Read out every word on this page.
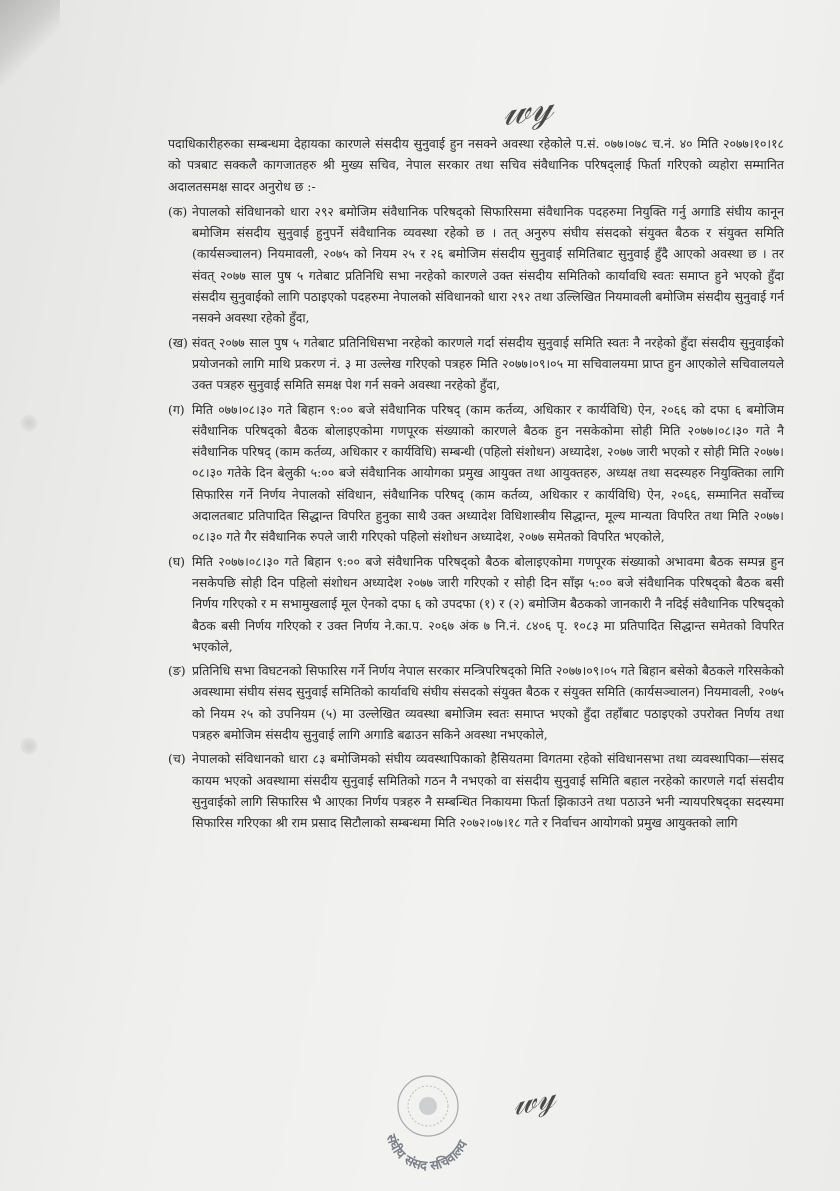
𝓌𝓎

पदाधिकारीहरुका सम्बन्धमा देहायका कारणले संसदीय सुनुवाई हुन नसक्ने अवस्था रहेकोले प.सं. ०७७।०७८ च.नं. ४० मिति २०७७।१०।१८ को पत्रबाट सक्कलै कागजातहरु श्री मुख्य सचिव, नेपाल सरकार तथा सचिव संवैधानिक परिषद्‌लाई फिर्ता गरिएको व्यहोरा सम्मानित अदालतसमक्ष सादर अनुरोध छ :-

(क) नेपालको संविधानको धारा २९२ बमोजिम संवैधानिक परिषद्को सिफारिसमा संवैधानिक पदहरुमा नियुक्ति गर्नु अगाडि संघीय कानून बमोजिम संसदीय सुनुवाई हुनुपर्ने संवैधानिक व्यवस्था रहेको छ । तत् अनुरुप संघीय संसदको संयुक्त बैठक र संयुक्त समिति (कार्यसञ्चालन) नियमावली, २०७५ को नियम २५ र २६ बमोजिम संसदीय सुनुवाई समितिबाट सुनुवाई हुँदै आएको अवस्था छ । तर संवत् २०७७ साल पुष ५ गतेबाट प्रतिनिधि सभा नरहेको कारणले उक्त संसदीय समितिको कार्यावधि स्वतः समाप्त हुने भएको हुँदा संसदीय सुनुवाईको लागि पठाइएको पदहरुमा नेपालको संविधानको धारा २९२ तथा उल्लिखित नियमावली बमोजिम संसदीय सुनुवाई गर्न नसक्ने अवस्था रहेको हुँदा,
(ख) संवत् २०७७ साल पुष ५ गतेबाट प्रतिनिधिसभा नरहेको कारणले गर्दा संसदीय सुनुवाई समिति स्वतः नै नरहेको हुँदा संसदीय सुनुवाईको प्रयोजनको लागि माथि प्रकरण नं. ३ मा उल्लेख गरिएको पत्रहरु मिति २०७७।०९।०५ मा सचिवालयमा प्राप्त हुन आएकोले सचिवालयले उक्त पत्रहरु सुनुवाई समिति समक्ष पेश गर्न सक्ने अवस्था नरहेको हुँदा,
(ग) मिति ०७७।०८।३० गते बिहान ९:०० बजे संवैधानिक परिषद् (काम कर्तव्य, अधिकार र कार्यविधि) ऐन, २०६६ को दफा ६ बमोजिम संवैधानिक परिषद्को बैठक बोलाइएकोमा गणपूरक संख्याको कारणले बैठक हुन नसकेकोमा सोही मिति २०७७।०८।३० गते नै संवैधानिक परिषद् (काम कर्तव्य, अधिकार र कार्यविधि) सम्बन्धी (पहिलो संशोधन) अध्यादेश, २०७७ जारी भएको र सोही मिति २०७७।०८।३० गतेके दिन बेलुकी ५:०० बजे संवैधानिक आयोगका प्रमुख आयुक्त तथा आयुक्तहरु, अध्यक्ष तथा सदस्यहरु नियुक्तिका लागि सिफारिस गर्ने निर्णय नेपालको संविधान, संवैधानिक परिषद् (काम कर्तव्य, अधिकार र कार्यविधि) ऐन, २०६६, सम्मानित सर्वोच्च अदालतबाट प्रतिपादित सिद्धान्त विपरित हुनुका साथै उक्त अध्यादेश विधिशास्त्रीय सिद्धान्त, मूल्य मान्यता विपरित तथा मिति २०७७।०८।३० गते गैर संवैधानिक रुपले जारी गरिएको पहिलो संशोधन अध्यादेश, २०७७ समेतको विपरित भएकोले,
(घ) मिति २०७७।०८।३० गते बिहान ९:०० बजे संवैधानिक परिषद्को बैठक बोलाइएकोमा गणपूरक संख्याको अभावमा बैठक सम्पन्न हुन नसकेपछि सोही दिन पहिलो संशोधन अध्यादेश २०७७ जारी गरिएको र सोही दिन साँझ ५:०० बजे संवैधानिक परिषद्को बैठक बसी निर्णय गरिएको र म सभामुखलाई मूल ऐनको दफा ६ को उपदफा (१) र (२) बमोजिम बैठकको जानकारी नै नदिई संवैधानिक परिषद्को बैठक बसी निर्णय गरिएको र उक्त निर्णय ने.का.प. २०६७ अंक ७ नि.नं. ८४०६ पृ. १०८३ मा प्रतिपादित सिद्धान्त समेतको विपरित भएकोले,
(ङ) प्रतिनिधि सभा विघटनको सिफारिस गर्ने निर्णय नेपाल सरकार मन्त्रिपरिषद्को मिति २०७७।०९।०५ गते बिहान बसेको बैठकले गरिसकेको अवस्थामा संघीय संसद सुनुवाई समितिको कार्यावधि संघीय संसदको संयुक्त बैठक र संयुक्त समिति (कार्यसञ्चालन) नियमावली, २०७५ को नियम २५ को उपनियम (५) मा उल्लेखित व्यवस्था बमोजिम स्वतः समाप्त भएको हुँदा तहाँबाट पठाइएको उपरोक्त निर्णय तथा पत्रहरु बमोजिम संसदीय सुनुवाई लागि अगाडि बढाउन सकिने अवस्था नभएकोले,
(च) नेपालको संविधानको धारा ८३ बमोजिमको संघीय व्यवस्थापिकाको हैसियतमा विगतमा रहेको संविधानसभा तथा व्यवस्थापिका—संसद कायम भएको अवस्थामा संसदीय सुनुवाई समितिको गठन नै नभएको वा संसदीय सुनुवाई समिति बहाल नरहेको कारणले गर्दा संसदीय सुनुवाईको लागि सिफारिस भै आएका निर्णय पत्रहरु नै सम्बन्धित निकायमा फिर्ता झिकाउने तथा पठाउने भनी न्यायपरिषद्का सदस्यमा सिफारिस गरिएका श्री राम प्रसाद सिटौलाको सम्बन्धमा मिति २०७२।०७।१८ गते र निर्वाचन आयोगको प्रमुख आयुक्तको लागि
संघीय संसद सचिवालय
𝓌𝓎
